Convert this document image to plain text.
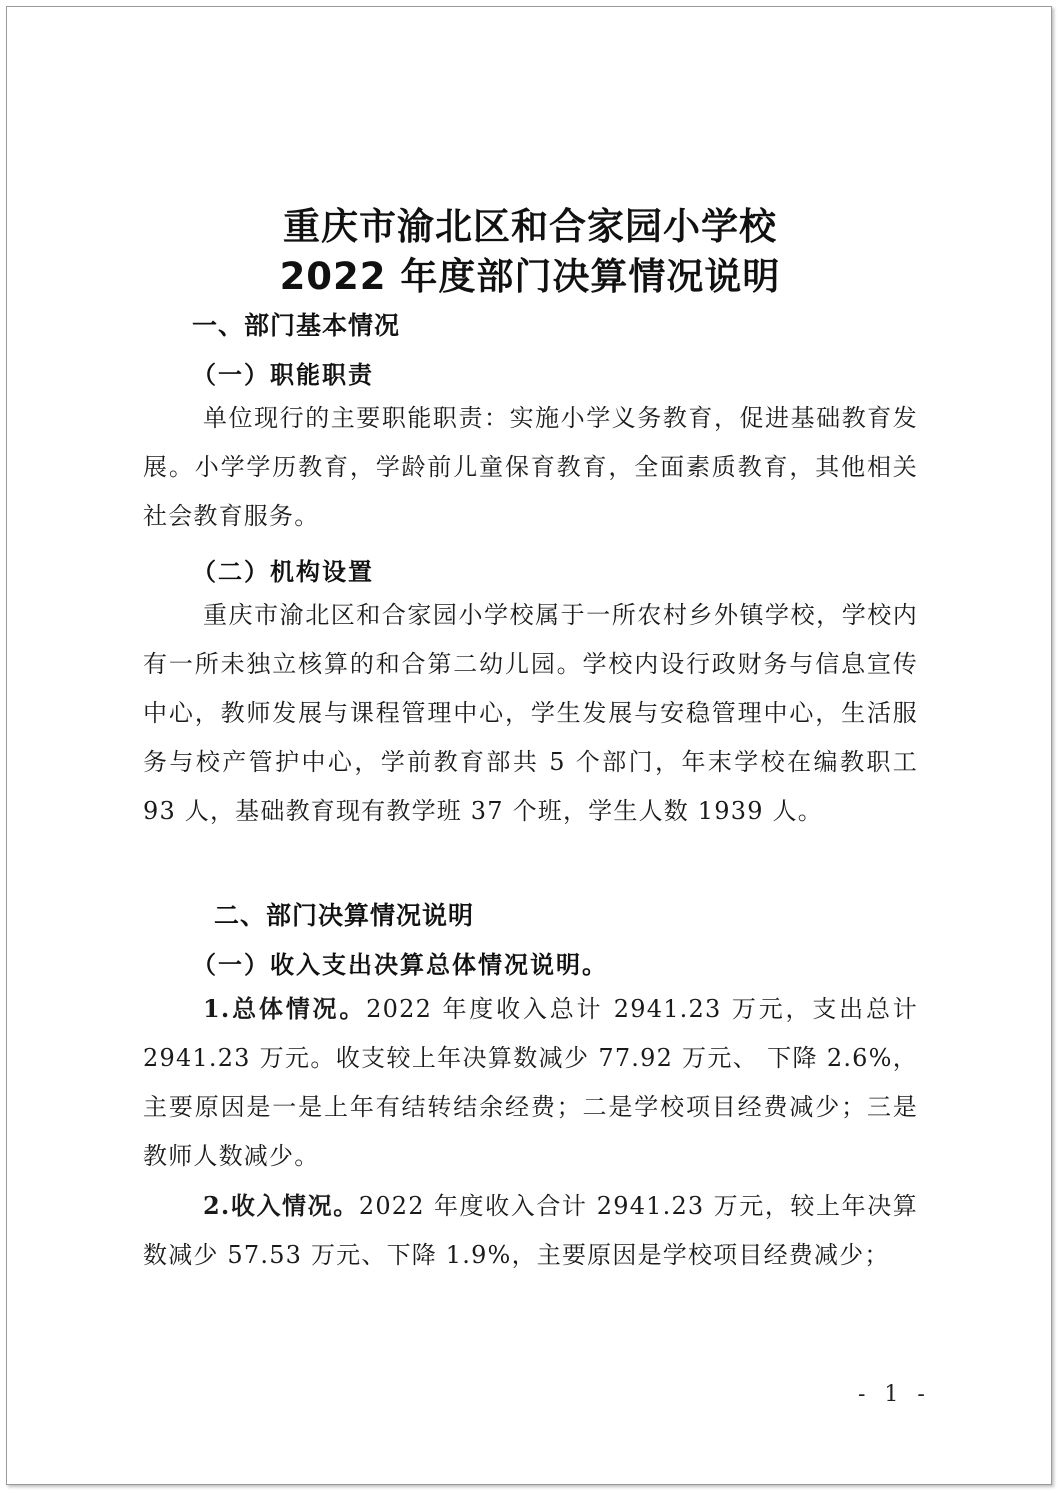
重庆市渝北区和合家园小学校
2022 年度部门决算情况说明
一、部门基本情况
（一）职能职责
单位现行的主要职能职责：实施小学义务教育，促进基础教育发展。小学学历教育，学龄前儿童保育教育，全面素质教育，其他相关社会教育服务。
（二）机构设置
重庆市渝北区和合家园小学校属于一所农村乡外镇学校，学校内有一所未独立核算的和合第二幼儿园。学校内设行政财务与信息宣传中心，教师发展与课程管理中心，学生发展与安稳管理中心，生活服务与校产管护中心，学前教育部共 5 个部门，年末学校在编教职工 93 人，基础教育现有教学班 37 个班，学生人数 1939 人。
二、部门决算情况说明
（一）收入支出决算总体情况说明。
1.总体情况。2022 年度收入总计 2941.23 万元，支出总计 2941.23 万元。收支较上年决算数减少 77.92 万元、 下降 2.6%，主要原因是一是上年有结转结余经费；二是学校项目经费减少；三是教师人数减少。
2.收入情况。2022 年度收入合计 2941.23 万元，较上年决算数减少 57.53 万元、下降 1.9%，主要原因是学校项目经费减少；
- 1 -
